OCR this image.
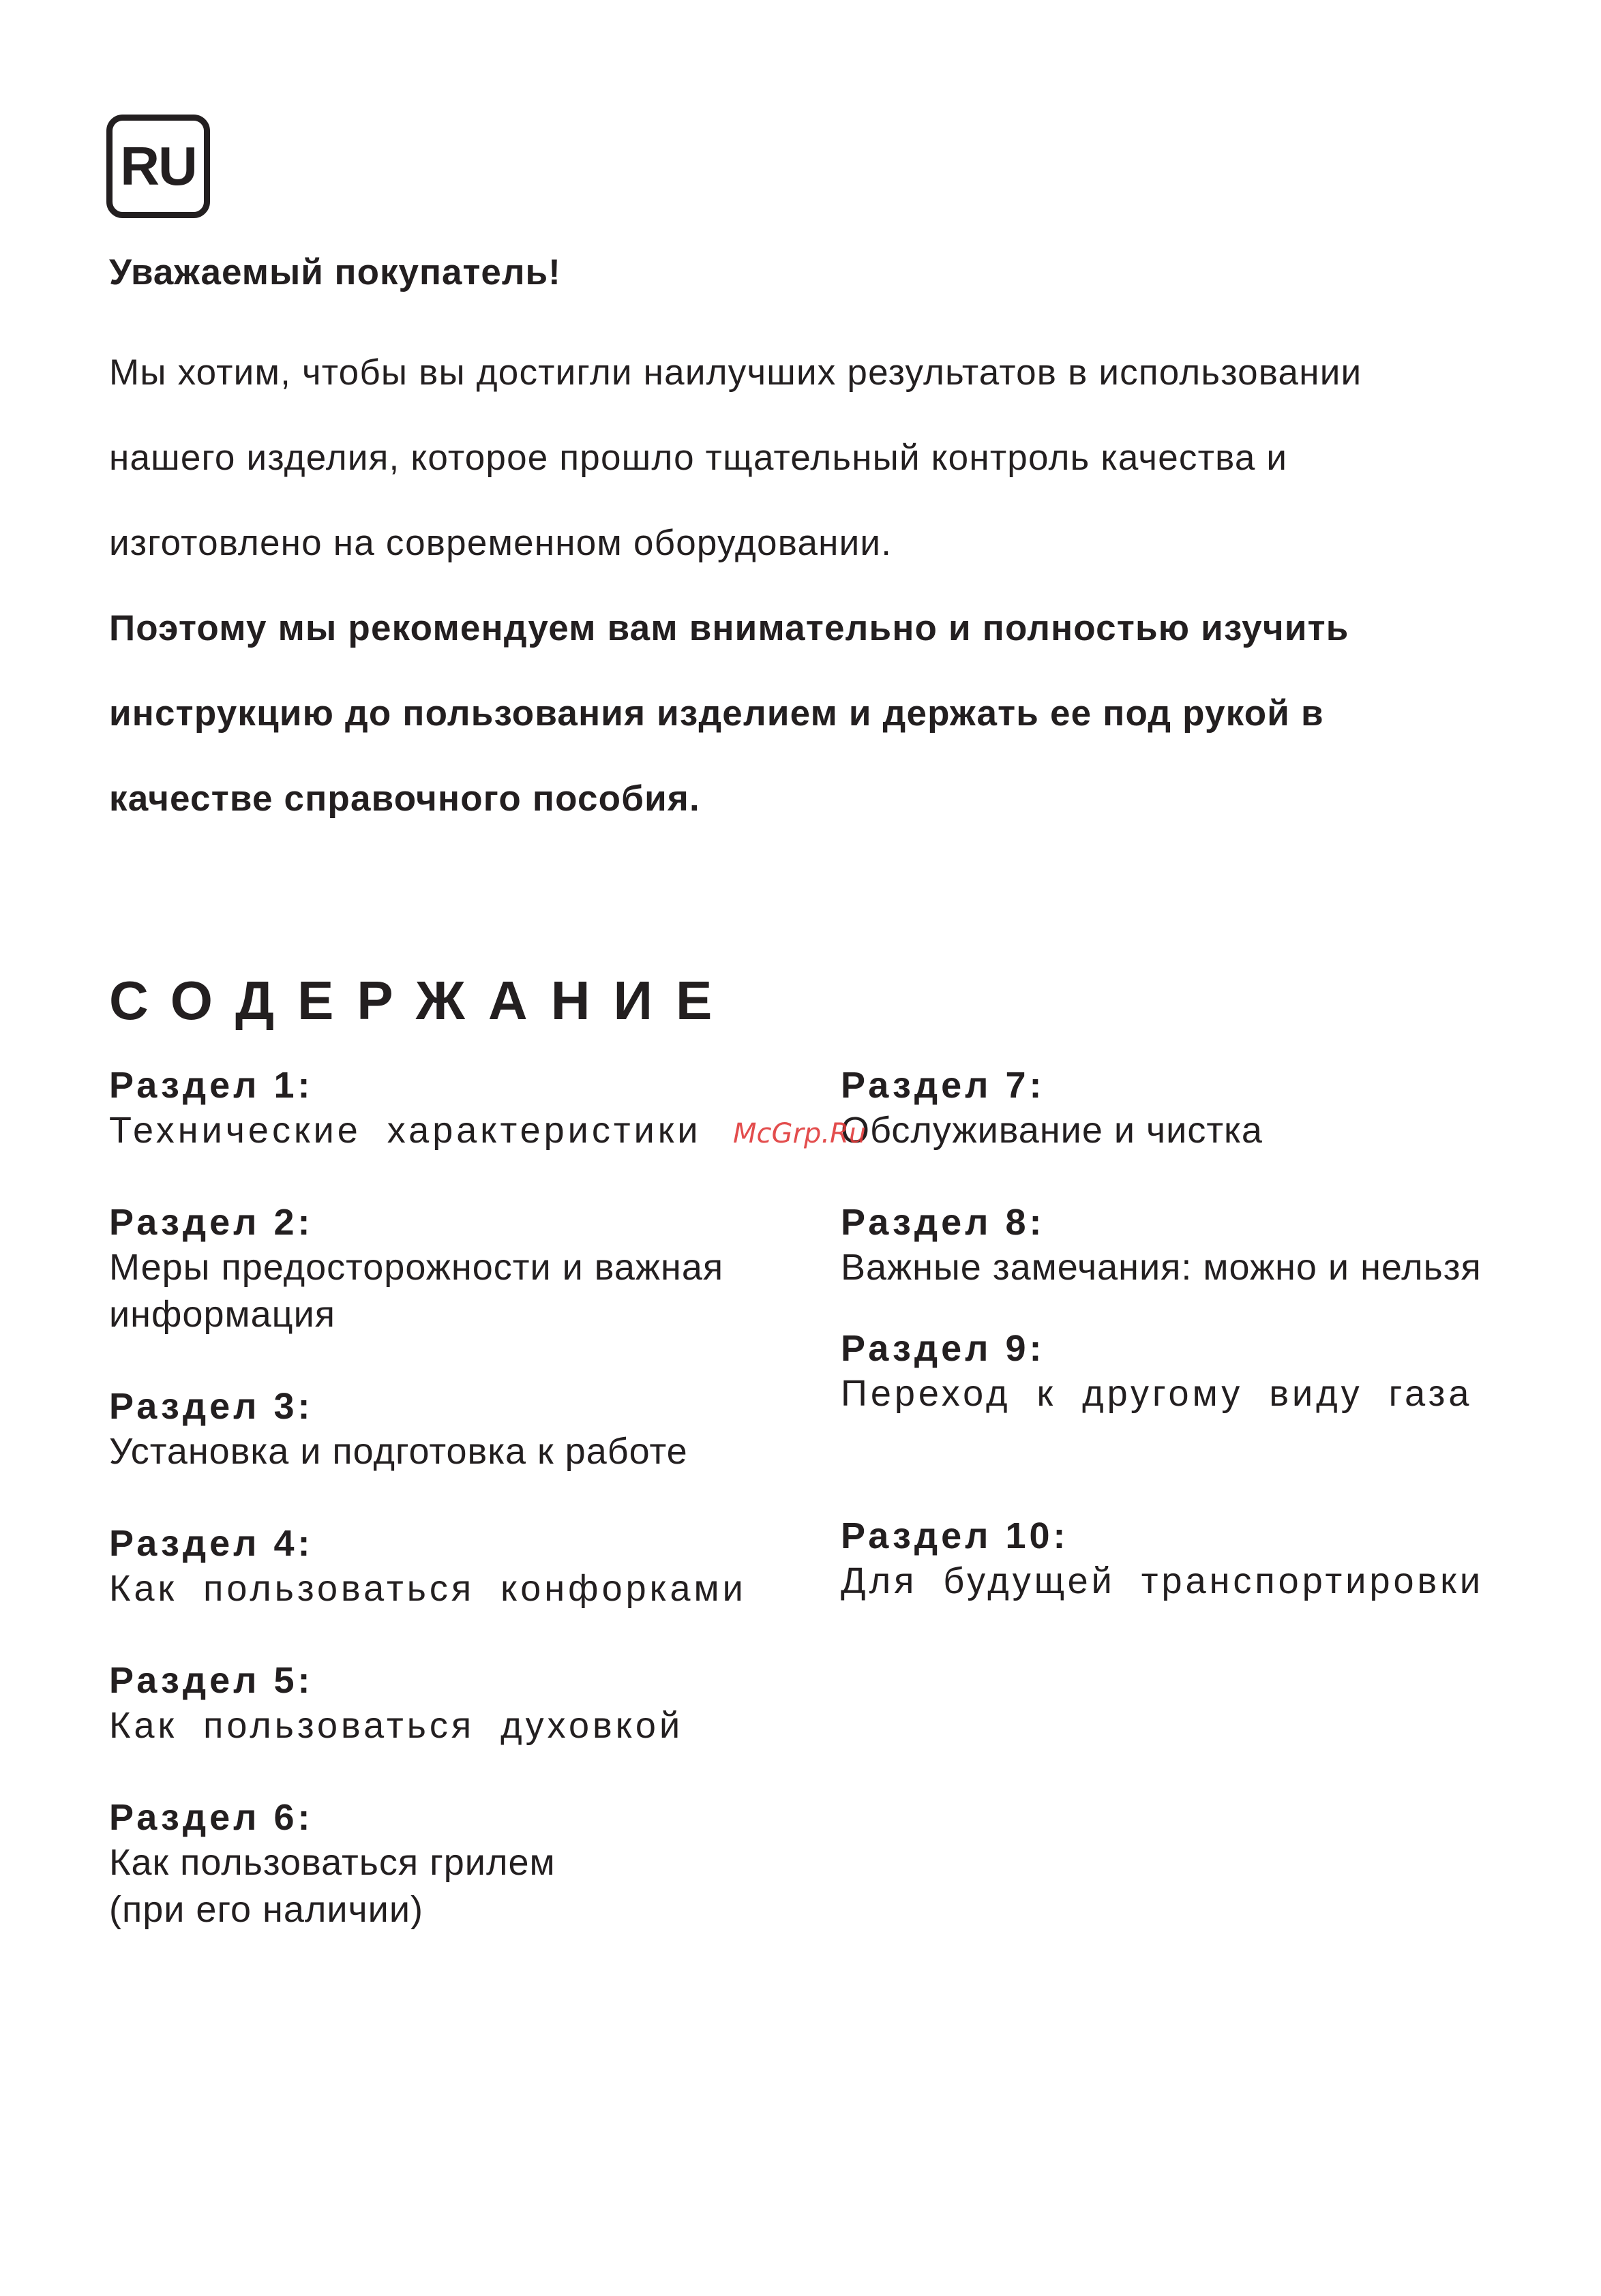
RU

Уважаемый покупатель!

Мы хотим, чтобы вы достигли наилучших результатов в использовании
нашего изделия, которое прошло тщательный контроль качества и
изготовлено на современном оборудовании.

Поэтому мы рекомендуем вам внимательно и полностью изучить
инструкцию до пользования изделием и держать ее под рукой в
качестве справочного пособия.

СОДЕРЖАНИЕ

Раздел 1:

Технические характеристики

Раздел 2:

Меры предосторожности и важная
информация

Раздел 3:

Установка и подготовка к работе

Раздел 4:

Как пользоваться конфорками

Раздел 5:

Как пользоваться духовкой

Раздел 6:

Как пользоваться грилем
(при его наличии)

Раздел 7:

Обслуживание и чистка

Раздел 8:

Важные замечания: можно и нельзя

Раздел 9:

Переход к другому виду газа

Раздел 10:

Для будущей транспортировки

McGrp.Ru
